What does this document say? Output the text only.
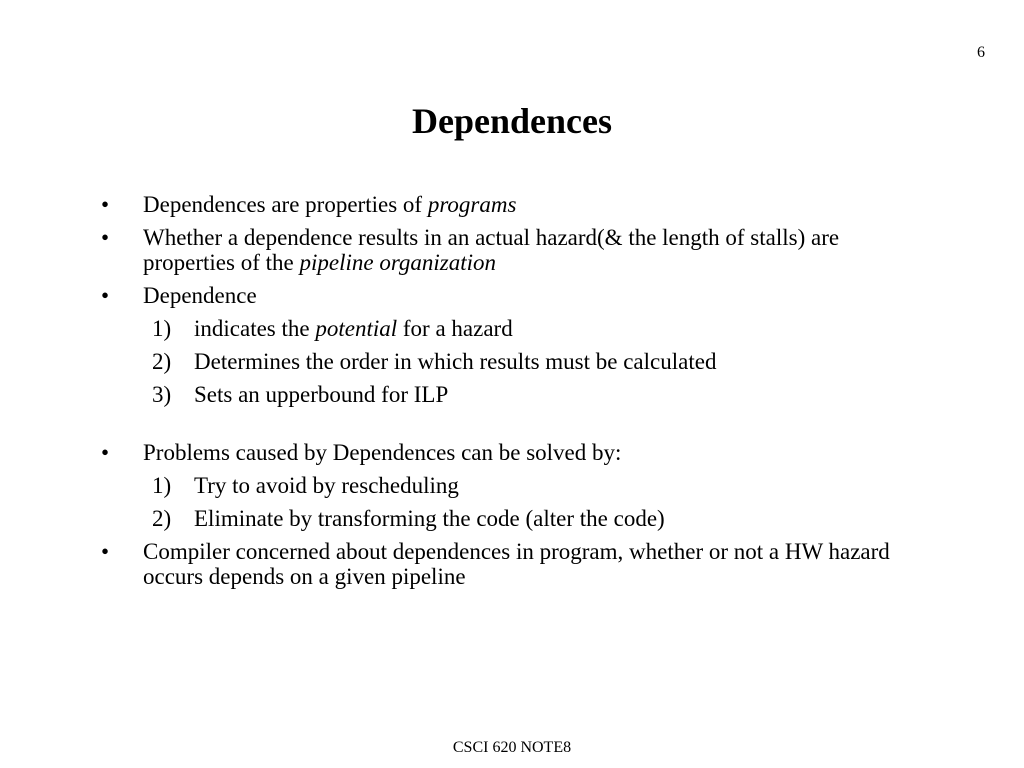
6
Dependences
• Dependences are properties of programs
• Whether a dependence results in an actual hazard(& the length of stalls) are properties of the pipeline organization
• Dependence
1) indicates the potential for a hazard
2) Determines the order in which results must be calculated
3) Sets an upperbound for ILP
• Problems caused by Dependences can be solved by:
1) Try to avoid by rescheduling
2) Eliminate by transforming the code (alter the code)
• Compiler concerned about dependences in program, whether or not a HW hazard occurs depends on a given pipeline
CSCI 620 NOTE8
